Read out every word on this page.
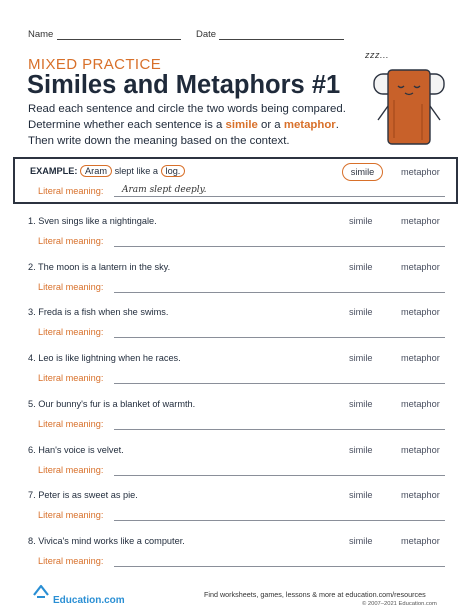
Name	Date
MIXED PRACTICE
Similes and Metaphors #1
Read each sentence and circle the two words being compared.
Determine whether each sentence is a simile or a metaphor.
Then write down the meaning based on the context.
zzz...
EXAMPLE: Aram slept like a log.	simile	metaphor
Literal meaning: Aram slept deeply.
1. Sven sings like a nightingale.	simile	metaphor
Literal meaning:
2. The moon is a lantern in the sky.	simile	metaphor
Literal meaning:
3. Freda is a fish when she swims.	simile	metaphor
Literal meaning:
4. Leo is like lightning when he races.	simile	metaphor
Literal meaning:
5. Our bunny's fur is a blanket of warmth.	simile	metaphor
Literal meaning:
6. Han's voice is velvet.	simile	metaphor
Literal meaning:
7. Peter is as sweet as pie.	simile	metaphor
Literal meaning:
8. Vivica's mind works like a computer.	simile	metaphor
Literal meaning:
Education.com
Find worksheets, games, lessons & more at education.com/resources
© 2007–2021 Education.com
